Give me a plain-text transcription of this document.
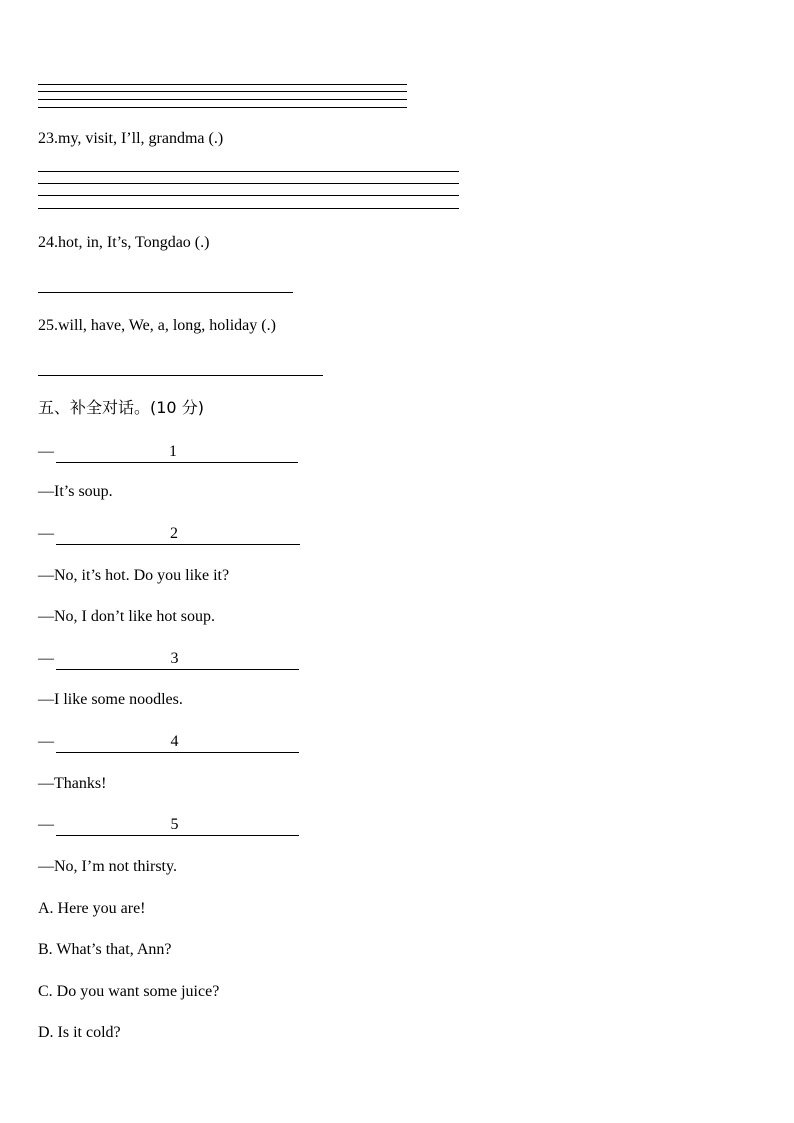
23.my, visit, I’ll, grandma (.)
24.hot, in, It’s, Tongdao (.)
25.will, have, We, a, long, holiday (.)
五、补全对话。(10 分)
—	1
—It’s soup.
—	2
—No, it’s hot. Do you like it?
—No, I don’t like hot soup.
—	3
—I like some noodles.
—	4
—Thanks!
—	5
—No, I’m not thirsty.
A. Here you are!
B. What’s that, Ann?
C. Do you want some juice?
D. Is it cold?
